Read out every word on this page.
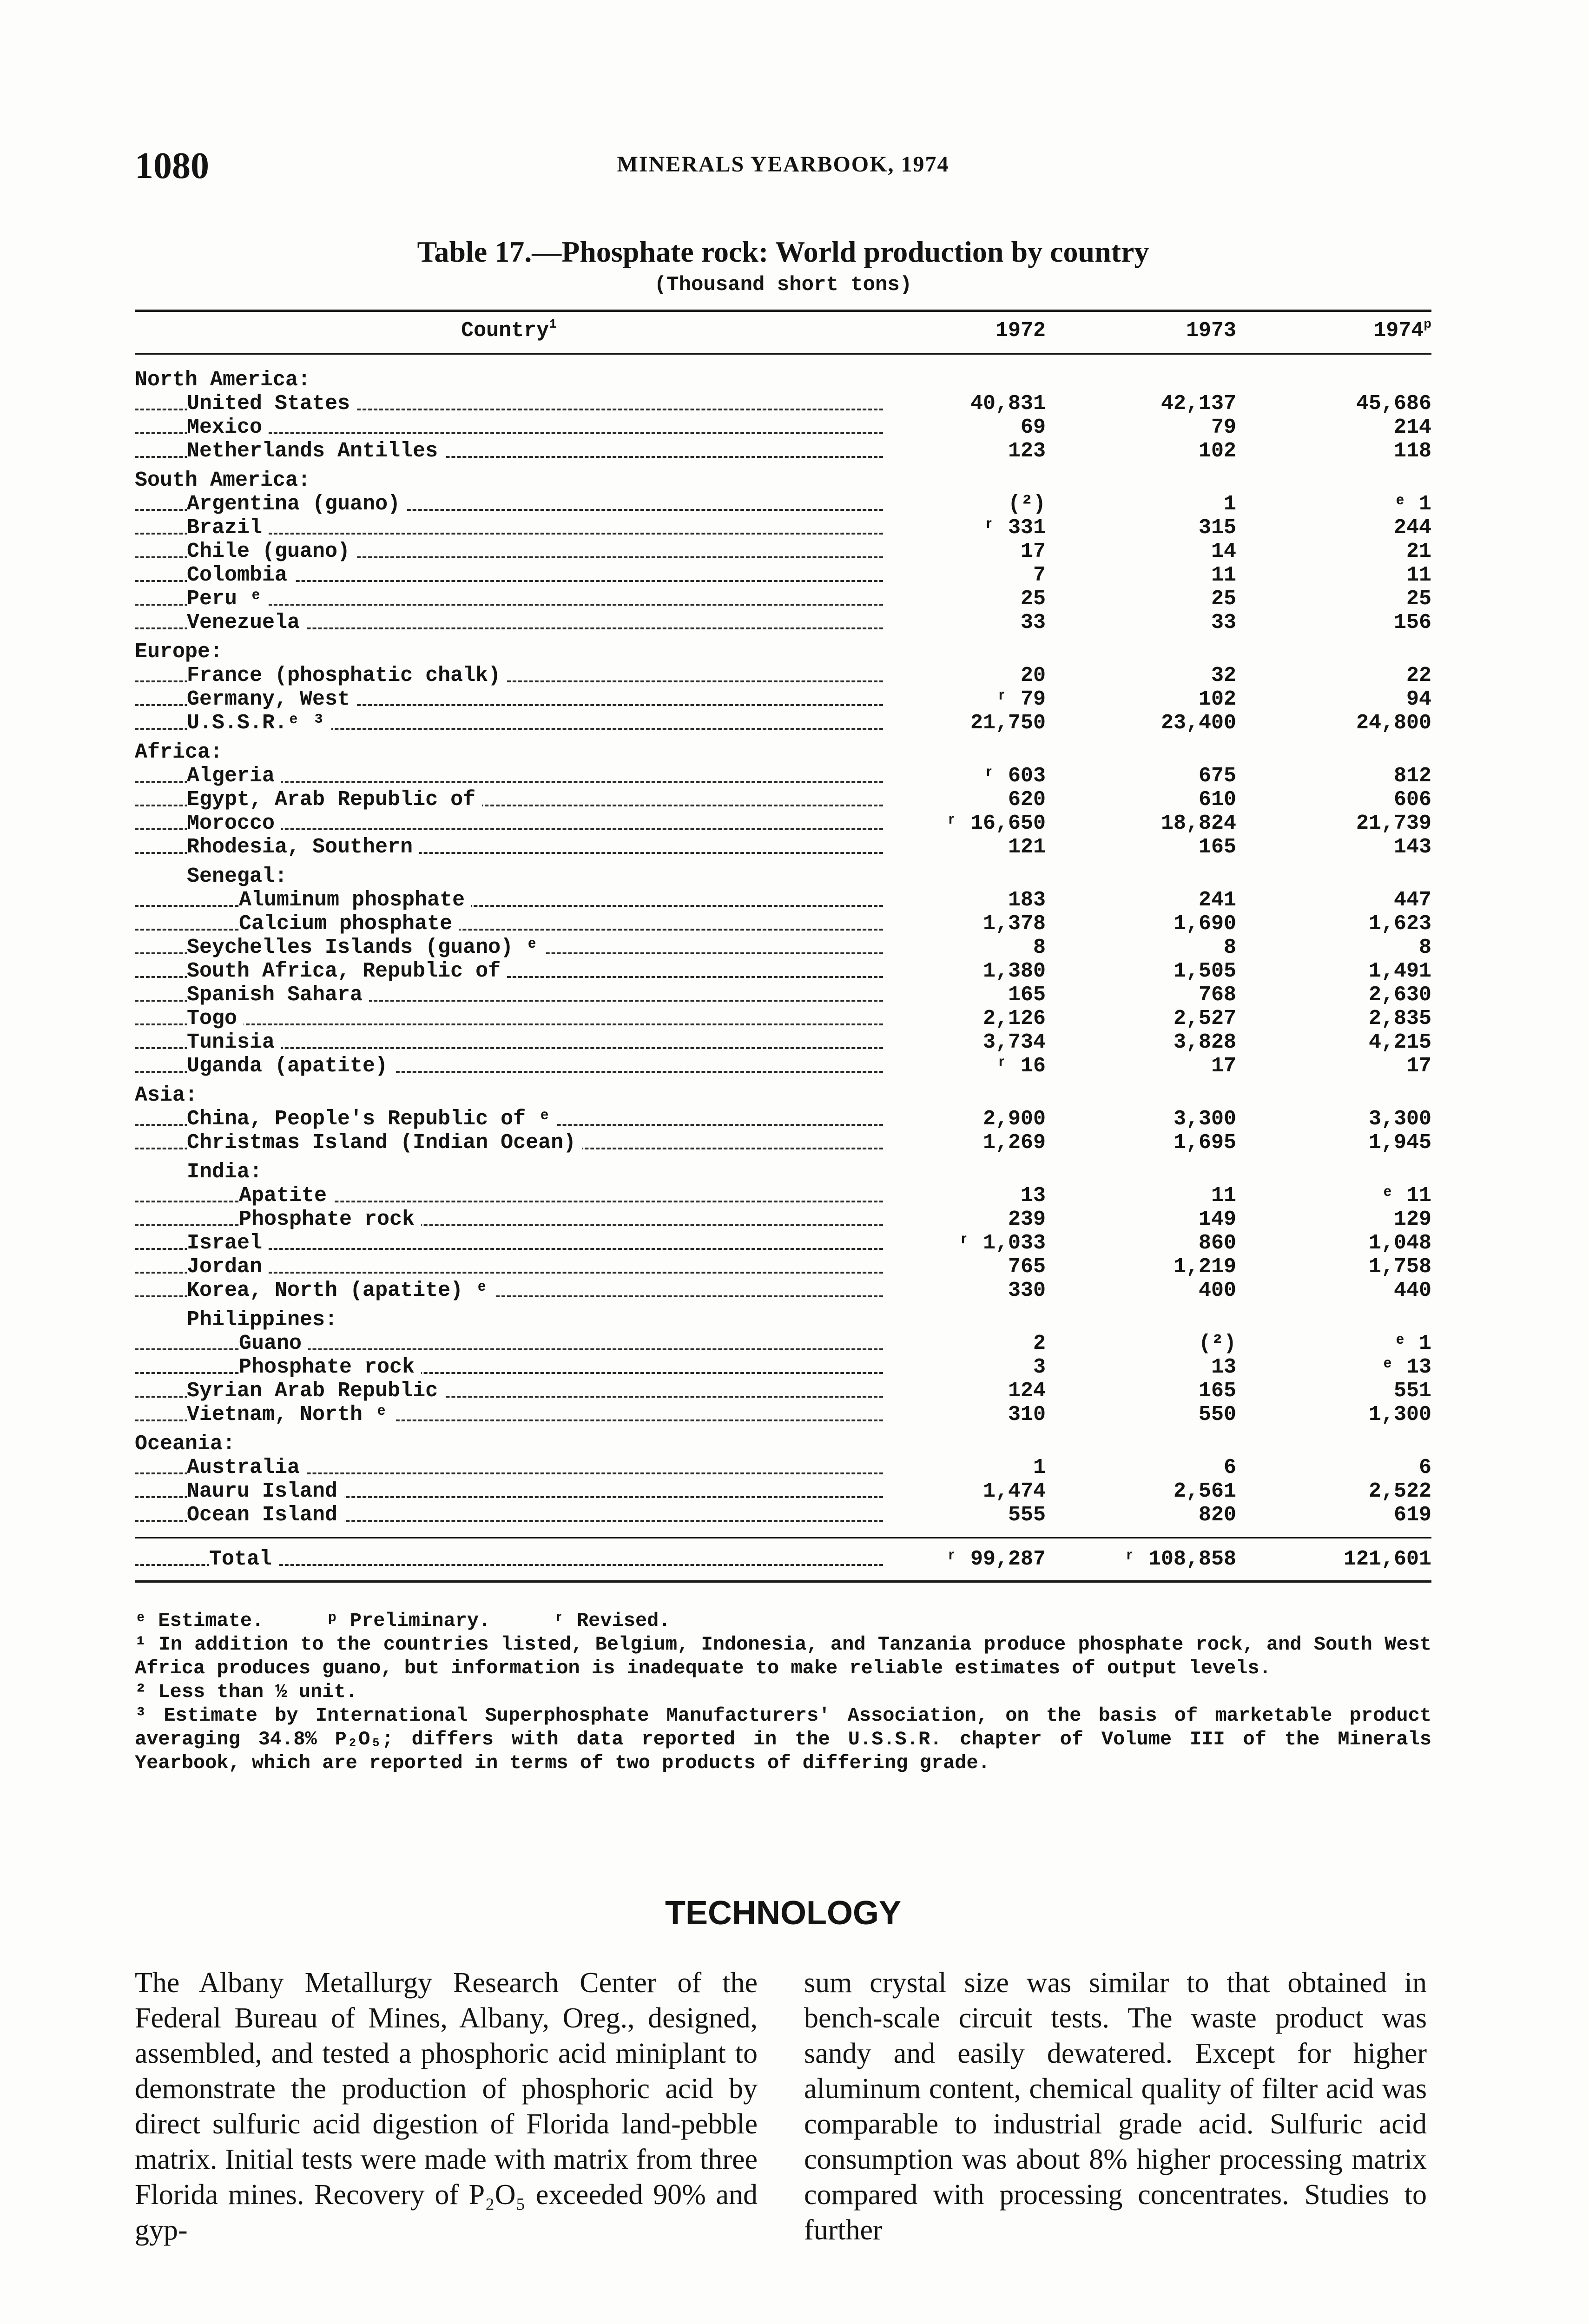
1080	MINERALS YEARBOOK, 1974
Table 17.—Phosphate rock: World production by country
(Thousand short tons)
Country$^1$	1972	1973	1974$^p$
North America:
United States	40,831	42,137	45,686
Mexico	69	79	214
Netherlands Antilles	123	102	118
South America:
Argentina (guano)	(²)	1	ᵉ 1
Brazil	ʳ 331	315	244
Chile (guano)	17	14	21
Colombia	7	11	11
Peru ᵉ	25	25	25
Venezuela	33	33	156
Europe:
France (phosphatic chalk)	20	32	22
Germany, West	ʳ 79	102	94
U.S.S.R.ᵉ ³	21,750	23,400	24,800
Africa:
Algeria	ʳ 603	675	812
Egypt, Arab Republic of	620	610	606
Morocco	ʳ 16,650	18,824	21,739
Rhodesia, Southern	121	165	143
Senegal:
Aluminum phosphate	183	241	447
Calcium phosphate	1,378	1,690	1,623
Seychelles Islands (guano) ᵉ	8	8	8
South Africa, Republic of	1,380	1,505	1,491
Spanish Sahara	165	768	2,630
Togo	2,126	2,527	2,835
Tunisia	3,734	3,828	4,215
Uganda (apatite)	ʳ 16	17	17
Asia:
China, People's Republic of ᵉ	2,900	3,300	3,300
Christmas Island (Indian Ocean)	1,269	1,695	1,945
India:
Apatite	13	11	ᵉ 11
Phosphate rock	239	149	129
Israel	ʳ 1,033	860	1,048
Jordan	765	1,219	1,758
Korea, North (apatite) ᵉ	330	400	440
Philippines:
Guano	2	(²)	ᵉ 1
Phosphate rock	3	13	ᵉ 13
Syrian Arab Republic	124	165	551
Vietnam, North ᵉ	310	550	1,300
Oceania:
Australia	1	6	6
Nauru Island	1,474	2,561	2,522
Ocean Island	555	820	619
Total	ʳ 99,287	ʳ 108,858	121,601

ᵉ Estimate.	ᵖ Preliminary.	ʳ Revised.

¹ In addition to the countries listed, Belgium, Indonesia, and Tanzania produce phosphate rock, and South West Africa produces guano, but information is inadequate to make reliable estimates of output levels.

² Less than ½ unit.

³ Estimate by International Superphosphate Manufacturers' Association, on the basis of marketable product averaging 34.8% P₂O₅; differs with data reported in the U.S.S.R. chapter of Volume III of the Minerals Yearbook, which are reported in terms of two products of differing grade.

TECHNOLOGY
The Albany Metallurgy Research Center of the Federal Bureau of Mines, Albany, Oreg., designed, assembled, and tested a phosphoric acid miniplant to demonstrate the production of phosphoric acid by direct sulfuric acid digestion of Florida land-pebble matrix. Initial tests were made with matrix from three Florida mines. Recovery of P₂O₅ exceeded 90% and gyp-
sum crystal size was similar to that obtained in bench-scale circuit tests. The waste product was sandy and easily dewatered. Except for higher aluminum content, chemical quality of filter acid was comparable to industrial grade acid. Sulfuric acid consumption was about 8% higher processing matrix compared with processing concentrates. Studies to further
